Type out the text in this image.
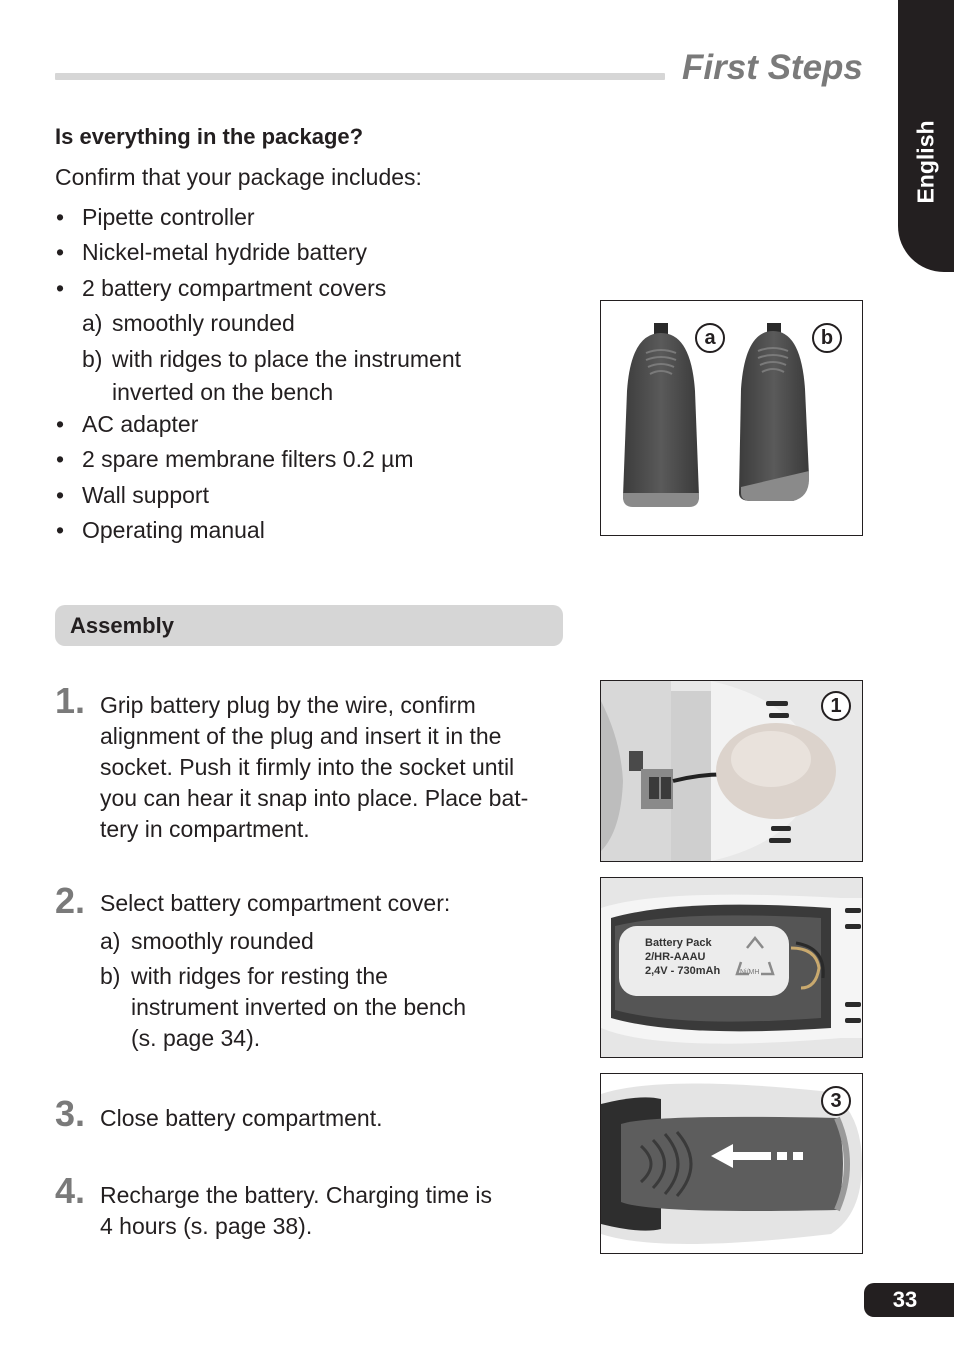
First Steps
English
Is everything in the package?
Confirm that your package includes:
• Pipette controller
• Nickel-metal hydride battery
• 2 battery compartment covers
a) smoothly rounded
b) with ridges to place the instrument
inverted on the bench
• AC adapter
• 2 spare membrane filters 0.2 µm
• Wall support
• Operating manual
a	b
Assembly
1. Grip battery plug by the wire, confirm
alignment of the plug and insert it in the
socket. Push it firmly into the socket until
you can hear it snap into place. Place bat-
tery in compartment.
1
2. Select battery compartment cover:
a) smoothly rounded
b) with ridges for resting the
instrument inverted on the bench
(s. page 34).
Battery Pack
2/HR-AAAU
2,4V - 730mAh	Ni/MH
3. Close battery compartment.
3
4. Recharge the battery. Charging time is
4 hours (s. page 38).
33
